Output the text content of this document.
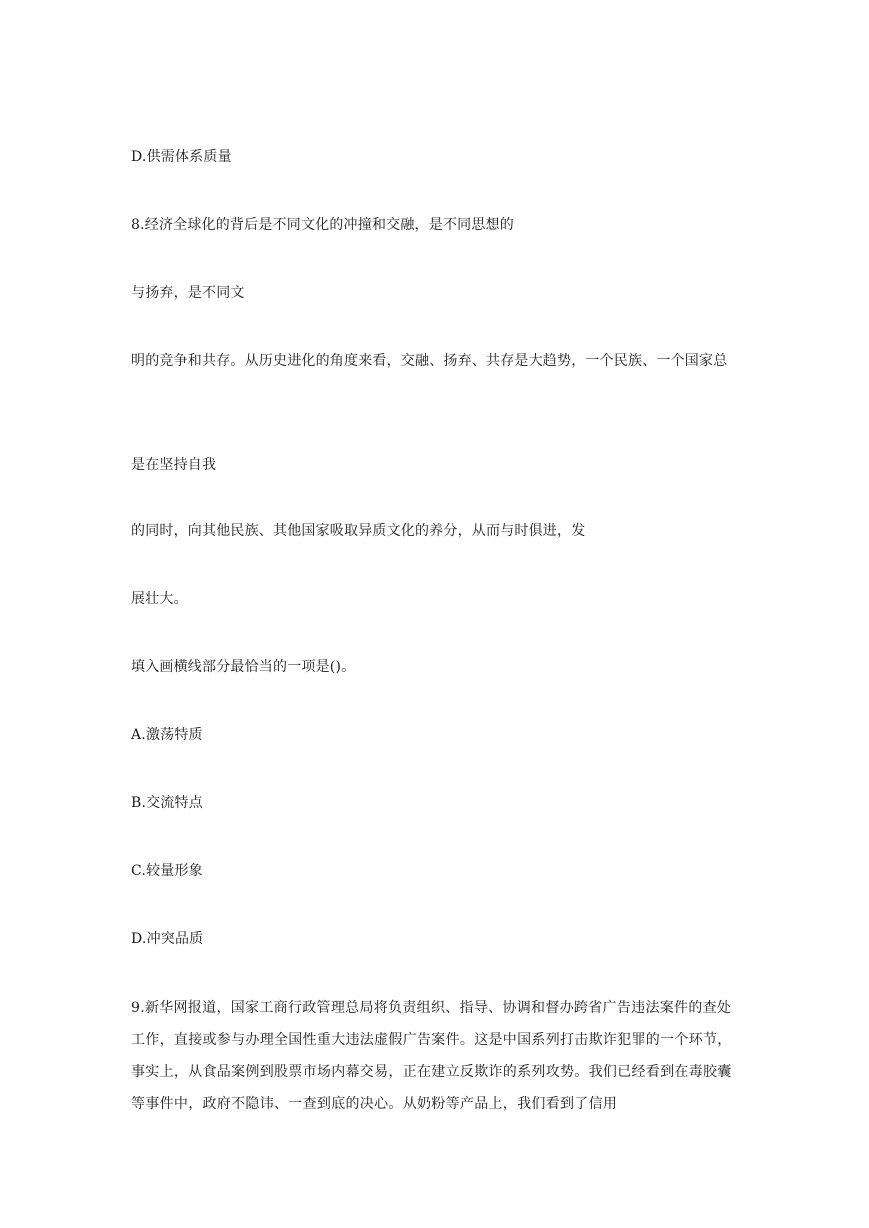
D.供需体系质量

8.经济全球化的背后是不同文化的冲撞和交融，是不同思想的

与扬弃，是不同文

明的竞争和共存。从历史进化的角度来看，交融、扬弃、共存是大趋势，一个民族、一个国家总

是在坚持自我

的同时，向其他民族、其他国家吸取异质文化的养分，从而与时俱进，发

展壮大。

填入画横线部分最恰当的一项是()。

A.激荡特质

B.交流特点

C.较量形象

D.冲突品质

9.新华网报道，国家工商行政管理总局将负责组织、指导、协调和督办跨省广告违法案件的查处工作，直接或参与办理全国性重大违法虚假广告案件。这是中国系列打击欺诈犯罪的一个环节，事实上，从食品案例到股票市场内幕交易，正在建立反欺诈的系列攻势。我们已经看到在毒胶囊等事件中，政府不隐讳、一查到底的决心。从奶粉等产品上，我们看到了信用
